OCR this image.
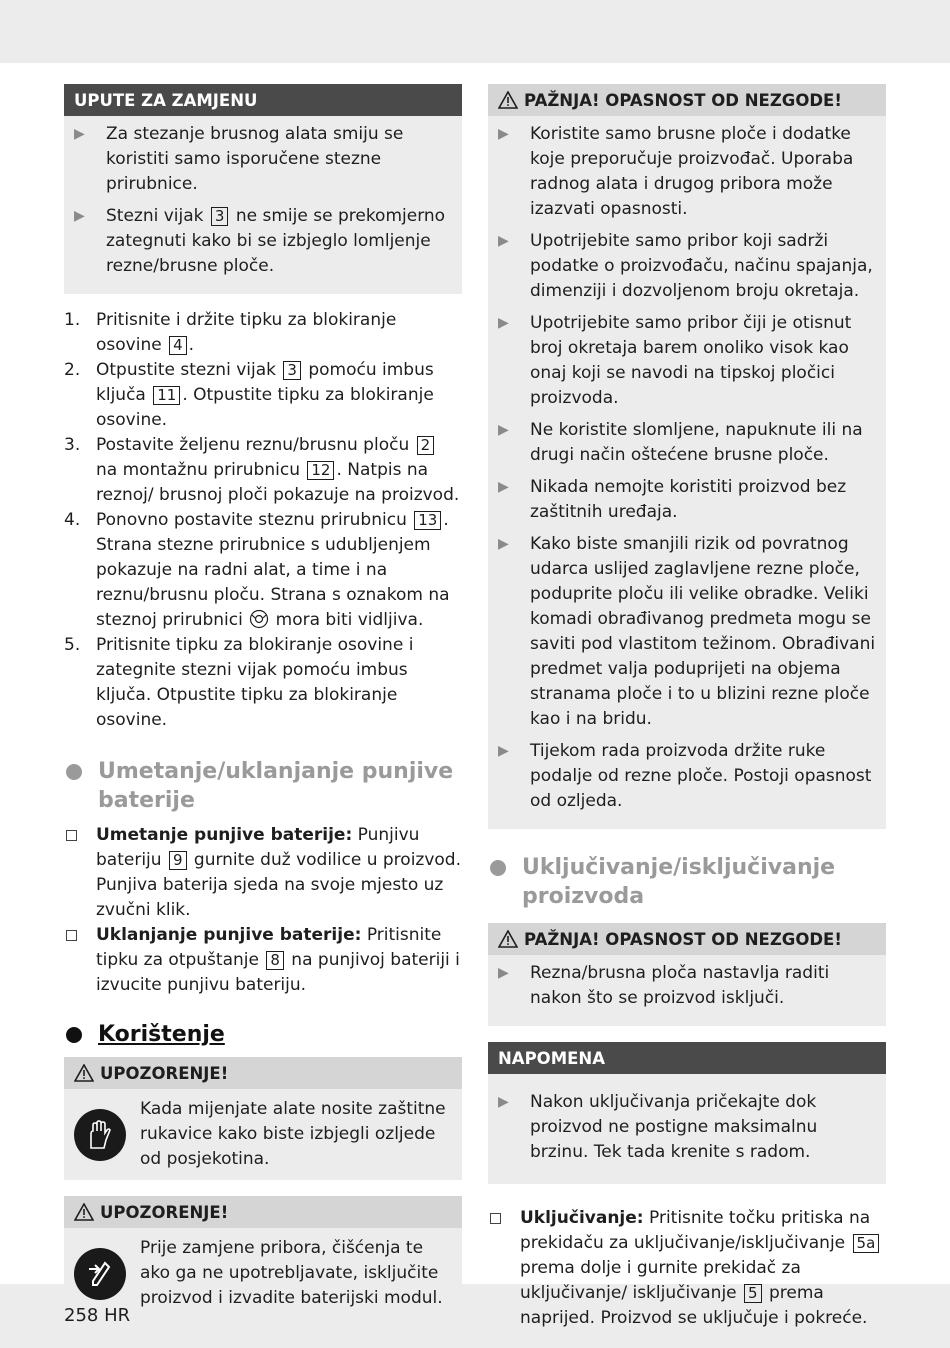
UPUTE ZA ZAMJENU
▶	Za stezanje brusnog alata smiju se koristiti samo isporučene stezne prirubnice.
▶	Stezni vijak 3 ne smije se prekomjerno zategnuti kako bi se izbjeglo lomljenje rezne/brusne ploče.
1. Pritisnite i držite tipku za blokiranje osovine 4 .
2. Otpustite stezni vijak 3 pomoću imbus ključa 11 . Otpustite tipku za blokiranje osovine.
3. Postavite željenu reznu/brusnu ploču 2 na montažnu prirubnicu 12 . Natpis na reznoj/ brusnoj ploči pokazuje na proizvod.
4. Ponovno postavite steznu prirubnicu 13 . Strana stezne prirubnice s udubljenjem pokazuje na radni alat, a time i na reznu/brusnu ploču. Strana s oznakom na steznoj prirubnici  mora biti vidljiva.
5. Pritisnite tipku za blokiranje osovine i zategnite stezni vijak pomoću imbus ključa. Otpustite tipku za blokiranje osovine.
Umetanje/uklanjanje punjive baterije
Umetanje punjive baterije: Punjivu bateriju 9 gurnite duž vodilice u proizvod. Punjiva baterija sjeda na svoje mjesto uz zvučni klik.
Uklanjanje punjive baterije: Pritisnite tipku za otpuštanje 8 na punjivoj bateriji i izvucite punjivu bateriju.
Korištenje
UPOZORENJE!
Kada mijenjate alate nosite zaštitne rukavice kako biste izbjegli ozljede od posjekotina.
UPOZORENJE!
Prije zamjene pribora, čišćenja te ako ga ne upotrebljavate, isključite proizvod i izvadite baterijski modul.
PAŽNJA! OPASNOST OD NEZGODE!
▶	Koristite samo brusne ploče i dodatke koje preporučuje proizvođač. Uporaba radnog alata i drugog pribora može izazvati opasnosti.
▶	Upotrijebite samo pribor koji sadrži podatke o proizvođaču, načinu spajanja, dimenziji i dozvoljenom broju okretaja.
▶	Upotrijebite samo pribor čiji je otisnut broj okretaja barem onoliko visok kao onaj koji se navodi na tipskoj pločici proizvoda.
▶	Ne koristite slomljene, napuknute ili na drugi način oštećene brusne ploče.
▶	Nikada nemojte koristiti proizvod bez zaštitnih uređaja.
▶	Kako biste smanjili rizik od povratnog udarca uslijed zaglavljene rezne ploče, poduprite ploču ili velike obradke. Veliki komadi obrađivanog predmeta mogu se saviti pod vlastitom težinom. Obrađivani predmet valja poduprijeti na objema stranama ploče i to u blizini rezne ploče kao i na bridu.
▶	Tijekom rada proizvoda držite ruke podalje od rezne ploče. Postoji opasnost od ozljeda.
Uključivanje/isključivanje proizvoda
PAŽNJA! OPASNOST OD NEZGODE!
▶	Rezna/brusna ploča nastavlja raditi nakon što se proizvod isključi.
NAPOMENA
▶	Nakon uključivanja pričekajte dok proizvod ne postigne maksimalnu brzinu. Tek tada krenite s radom.
Uključivanje: Pritisnite točku pritiska na prekidaču za uključivanje/isključivanje 5a prema dolje i gurnite prekidač za uključivanje/ isključivanje 5 prema naprijed. Proizvod se uključuje i pokreće.
258 HR
